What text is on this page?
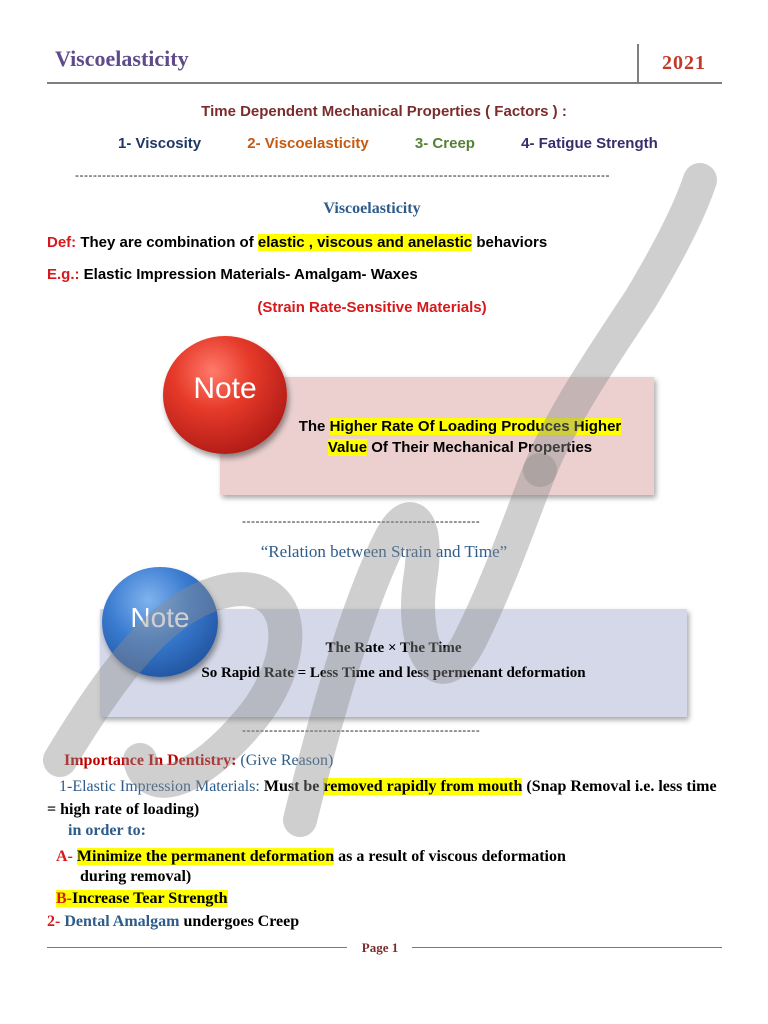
Viscoelasticity	2021
Time Dependent Mechanical Properties ( Factors ) :
1- Viscosity	2- Viscoelasticity	3- Creep	4- Fatigue Strength
-----------------------------------------------------------------------------------------------------------------------
Viscoelasticity
Def: They are combination of elastic , viscous and anelastic behaviors
E.g.: Elastic Impression Materials- Amalgam- Waxes
(Strain Rate-Sensitive Materials)
The Higher Rate Of Loading Produces Higher
Value Of Their Mechanical Properties
Note
-----------------------------------------------------
“Relation between Strain and Time”
The Rate × The Time
So Rapid Rate = Less Time and less permenant deformation
Note
-----------------------------------------------------
Importance In Dentistry: (Give Reason)
1-Elastic Impression Materials: Must be removed rapidly from mouth (Snap Removal i.e. less time = high rate of loading)
in order to:
A- Minimize the permanent deformation as a result of viscous deformation
during removal)
B-Increase Tear Strength
2- Dental Amalgam undergoes Creep
Page 1
